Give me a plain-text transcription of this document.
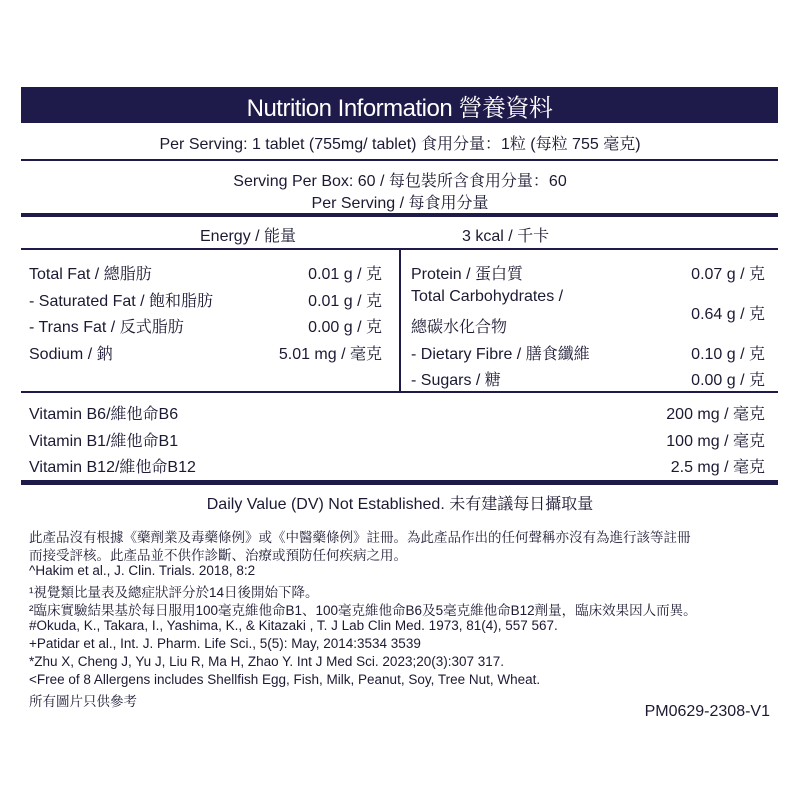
Nutrition Information 營養資料
Per Serving: 1 tablet (755mg/ tablet) 食用分量：1粒 (每粒 755 毫克)
Serving Per Box: 60 / 每包裝所含食用分量：60
Per Serving / 每食用分量
Energy / 能量	3 kcal / 千卡
Total Fat / 總脂肪	0.01 g / 克
- Saturated Fat / 飽和脂肪	0.01 g / 克
- Trans Fat / 反式脂肪	0.00 g / 克
Sodium / 鈉	5.01 mg / 毫克
Protein / 蛋白質	0.07 g / 克
Total Carbohydrates /
總碳水化合物
0.64 g / 克
- Dietary Fibre / 膳食纖維	0.10 g / 克
- Sugars / 糖	0.00 g / 克
Vitamin B6/維他命B6	200 mg / 毫克
Vitamin B1/維他命B1	100 mg / 毫克
Vitamin B12/維他命B12	2.5 mg / 毫克
Daily Value (DV) Not Established. 未有建議每日攝取量
此產品沒有根據《藥劑業及毒藥條例》或《中醫藥條例》註冊。為此產品作出的任何聲稱亦沒有為進行該等註冊
而接受評核。此產品並不供作診斷、治療或預防任何疾病之用。
^Hakim et al., J. Clin. Trials. 2018, 8:2
¹視覺類比量表及總症狀評分於14日後開始下降。
²臨床實驗結果基於每日服用100毫克維他命B1、100毫克維他命B6及5毫克維他命B12劑量，臨床效果因人而異。
#Okuda, K., Takara, I., Yashima, K., & Kitazaki , T. J Lab Clin Med. 1973, 81(4), 557 567.
+Patidar et al., Int. J. Pharm. Life Sci., 5(5): May, 2014:3534 3539
*Zhu X, Cheng J, Yu J, Liu R, Ma H, Zhao Y. Int J Med Sci. 2023;20(3):307 317.
<Free of 8 Allergens includes Shellfish Egg, Fish, Milk, Peanut, Soy, Tree Nut, Wheat.
所有圖片只供參考
PM0629-2308-V1
